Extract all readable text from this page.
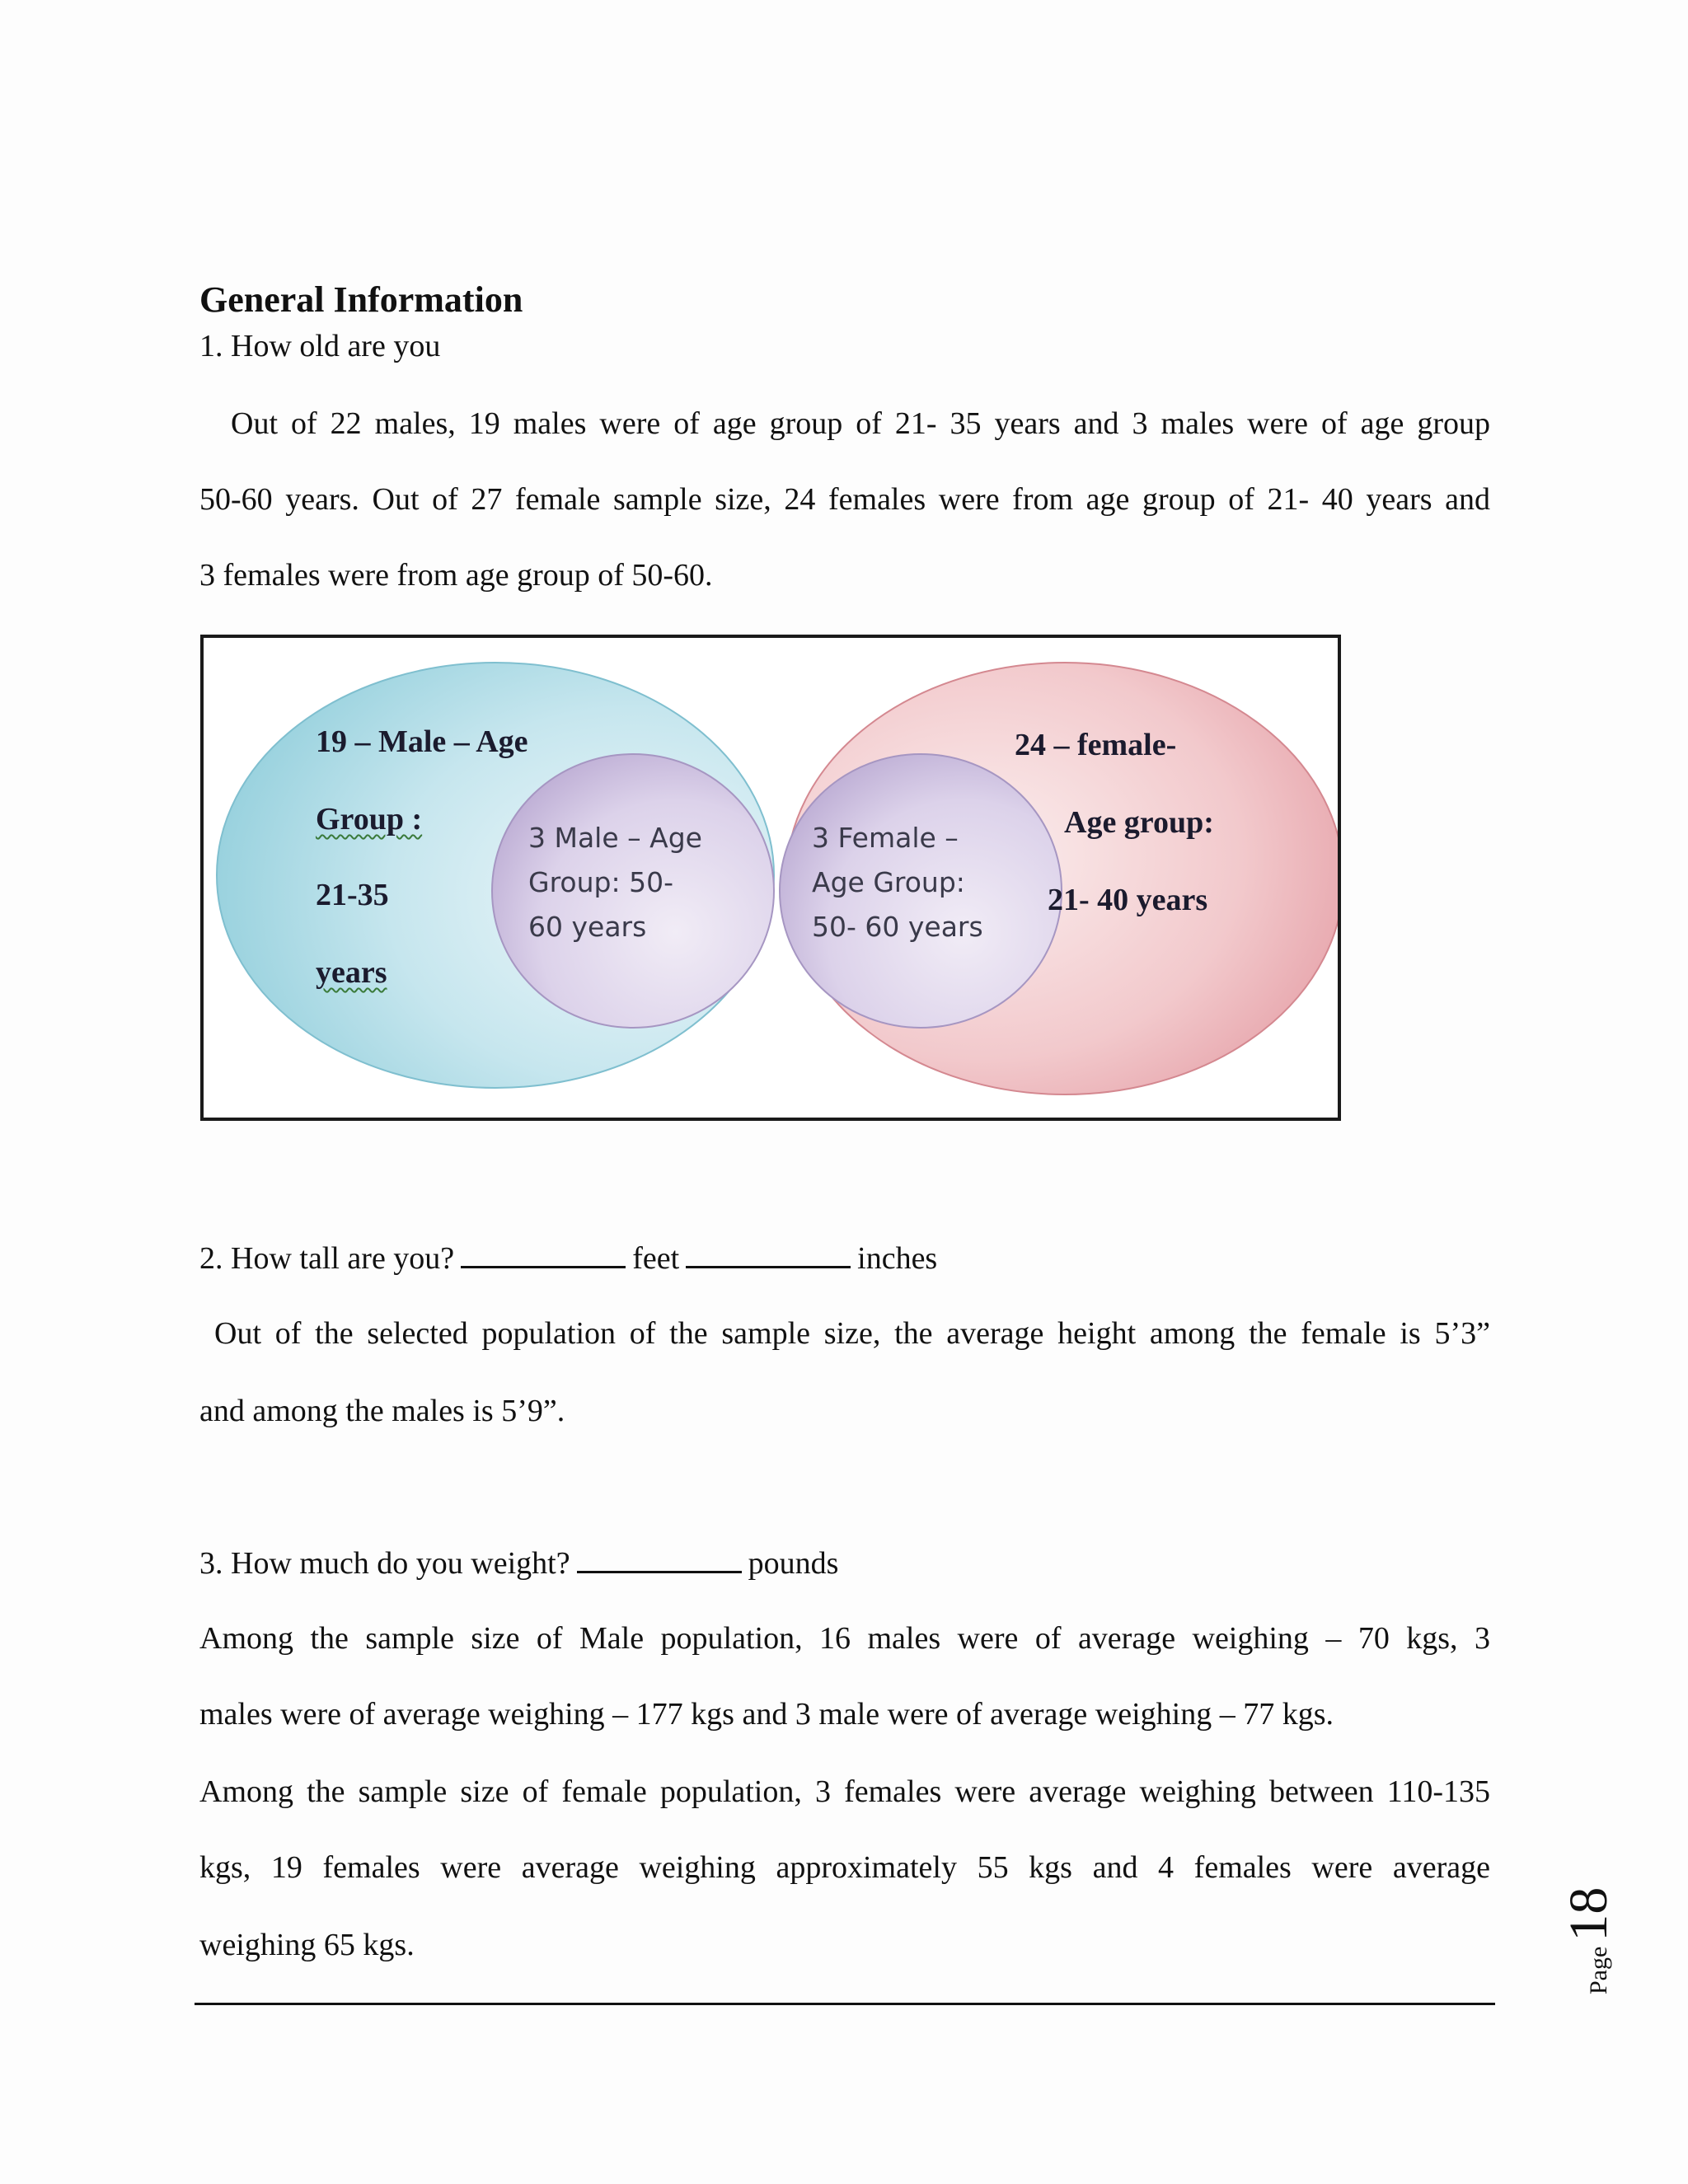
General Information

1. How old are you

Out of 22 males, 19 males were of age group of 21- 35 years and 3 males were of age group

50-60 years. Out of 27 female sample size, 24 females were from age group of 21- 40 years and

3 females were from age group of 50-60.

19 – Male – Age

Group :

21-35

years

3 Male – Age

Group: 50-

60 years

3 Female –

Age Group:

50- 60 years

24 – female-

Age group:

21- 40 years

2. How tall are you?	feet	inches

Out of the selected population of the sample size, the average height among the female is 5’3”

and among the males is 5’9”.

3. How much do you weight?	pounds

Among the sample size of Male population, 16 males were of average weighing – 70 kgs, 3

males were of average weighing – 177 kgs and 3 male were of average weighing – 77 kgs.

Among the sample size of female population, 3 females were average weighing between 110-135

kgs, 19 females were average weighing approximately 55 kgs and 4 females were average

weighing 65 kgs.

Page
18
